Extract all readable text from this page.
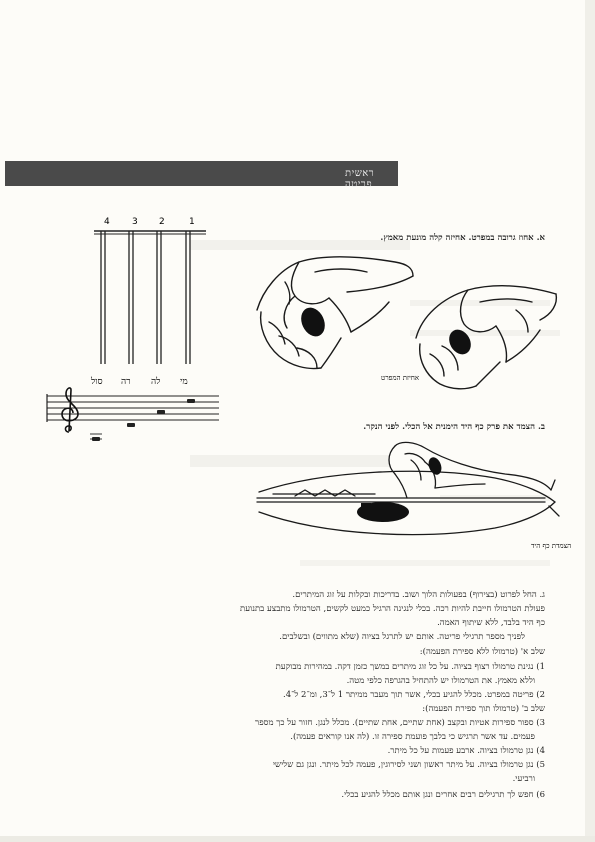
ראשית פריטה
4 3 2	1
סול רה לה מי
א. אחוז גרובה במפרט. אחיזה קלה מונעת מאמץ.
אחיזת המפרט
ב. הצמד את פרק כף היד הימנית אל הכלי. לפני הנקר.
הצמדת כף היד
ג. החל לפרוט (בצירוף) בפעולות הלוך ושוב. בדריכות ובקלות על זוג המיתרים.
פעולת הטרמולו חייבת להיות רכה. בכלי לנגינה הרגיל כמעט לקשים, הטרמולו מתבצע בתנועת
כף היד בלבד, ללא שיתוף האמה.
לפניך מספר תרגילי פריטה. אותם יש לתרגל בציוה (שלא מתווים) ובשלבים.
שלב א' (טרמולו ללא ספירת הפעמה):
1) נגינת טרמולו רצוף בציוה. על כל זוג מיתרים במשך כזמן דקה. במהירות מבוקעת
וללא מאמץ. את הטרמולו יש להתחיל בהגרפה כלפי מטה.
2) פריטה במפרט. מכלל להגיע בכלי, אשר תוך מעבר ממיתר 1 ל־3, ומ־2 ל־4.
שלב ב' (טרמולו תוך ספירת הפעמה):
3) ספור ספירות אטיות ובקצב (אחת שתיים, אחת שתיים). מכלל לנגן. חזור על כך מספר
פעמים. עד אשר תרגיש כי בלבך פועמת ספירה זו. (לה אנו קוראים פעמה).
4) נגן טרמולו בציוה. ארבע פעמות על כל מיתר.
5) נגן טרמולו בציוה. על מיתר ראשון ושני לסירוגין, פעמה לכל מיתר. ונגן גם שלישי
ורביעי.
6) חפש לך תרגילים רבים אחרים ונגן אותם מכלל להגיע בכלי.
